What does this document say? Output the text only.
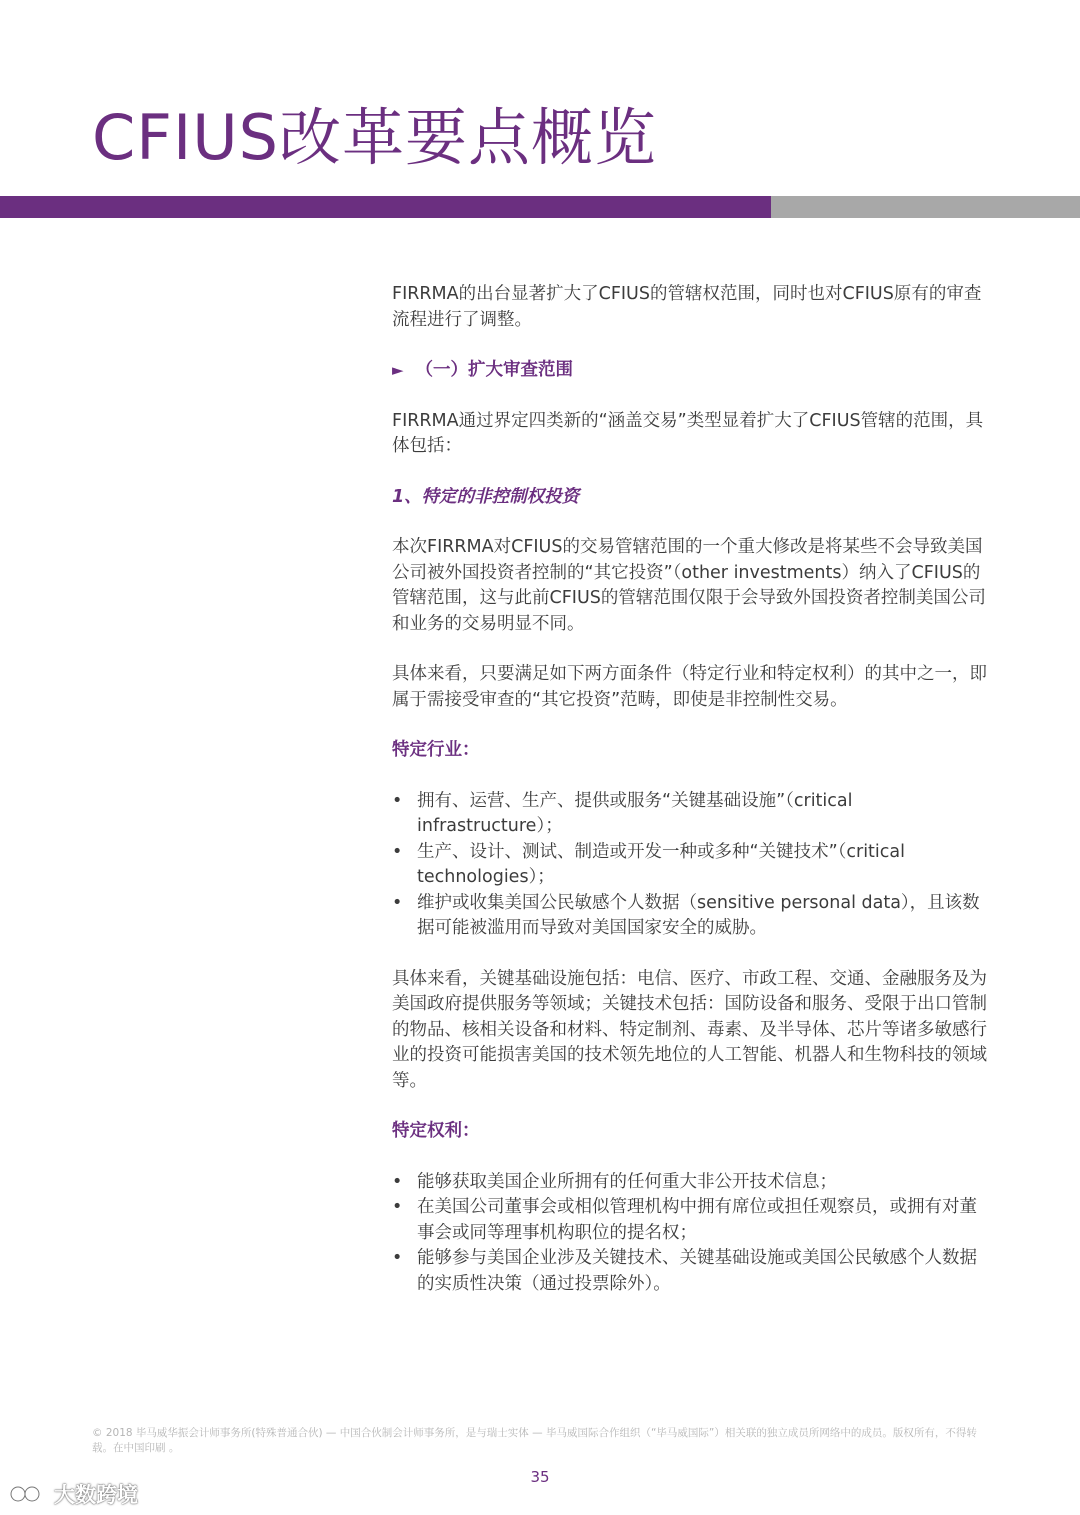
CFIUS改革要点概览

FIRRMA的出台显著扩大了CFIUS的管辖权范围，同时也对CFIUS原有的审查流程进行了调整。

► （一）扩大审查范围

FIRRMA通过界定四类新的“涵盖交易”类型显着扩大了CFIUS管辖的范围，具体包括：

1、特定的非控制权投资

本次FIRRMA对CFIUS的交易管辖范围的一个重大修改是将某些不会导致美国公司被外国投资者控制的“其它投资”（other investments）纳入了CFIUS的管辖范围，这与此前CFIUS的管辖范围仅限于会导致外国投资者控制美国公司和业务的交易明显不同。

具体来看，只要满足如下两方面条件（特定行业和特定权利）的其中之一，即属于需接受审查的“其它投资”范畴，即使是非控制性交易。

特定行业：

• 拥有、运营、生产、提供或服务“关键基础设施”（critical infrastructure）；
• 生产、设计、测试、制造或开发一种或多种“关键技术”（critical technologies）；
• 维护或收集美国公民敏感个人数据（sensitive personal data），且该数据可能被滥用而导致对美国国家安全的威胁。

具体来看，关键基础设施包括：电信、医疗、市政工程、交通、金融服务及为美国政府提供服务等领域；关键技术包括：国防设备和服务、受限于出口管制的物品、核相关设备和材料、特定制剂、毒素、及半导体、芯片等诸多敏感行业的投资可能损害美国的技术领先地位的人工智能、机器人和生物科技的领域等。

特定权利：

• 能够获取美国企业所拥有的任何重大非公开技术信息；
• 在美国公司董事会或相似管理机构中拥有席位或担任观察员，或拥有对董事会或同等理事机构职位的提名权；
• 能够参与美国企业涉及关键技术、关键基础设施或美国公民敏感个人数据的实质性决策（通过投票除外）。
© 2018 毕马威华振会计师事务所(特殊普通合伙) — 中国合伙制会计师事务所，是与瑞士实体 — 毕马威国际合作组织（“毕马威国际”）相关联的独立成员所网络中的成员。版权所有，不得转载。在中国印刷 。
35
大数跨境
